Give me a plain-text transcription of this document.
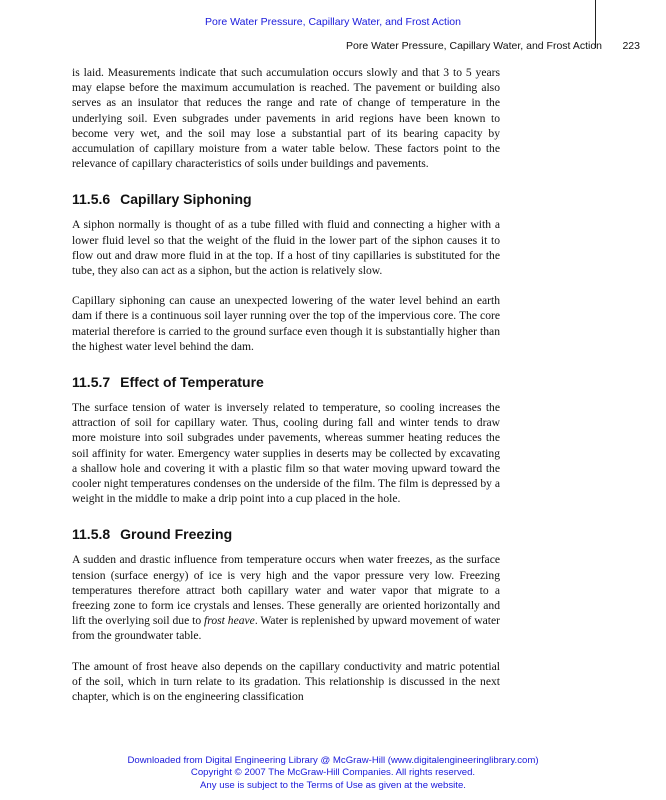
Pore Water Pressure, Capillary Water, and Frost Action
Pore Water Pressure, Capillary Water, and Frost Action 223

is laid. Measurements indicate that such accumulation occurs slowly and that 3 to 5 years may elapse before the maximum accumulation is reached. The pavement or building also serves as an insulator that reduces the range and rate of change of temperature in the underlying soil. Even subgrades under pavements in arid regions have been known to become very wet, and the soil may lose a substantial part of its bearing capacity by accumulation of capillary moisture from a water table below. These factors point to the relevance of capillary characteristics of soils under buildings and pavements.

11.5.6 Capillary Siphoning

A siphon normally is thought of as a tube filled with fluid and connecting a higher with a lower fluid level so that the weight of the fluid in the lower part of the siphon causes it to flow out and draw more fluid in at the top. If a host of tiny capillaries is substituted for the tube, they also can act as a siphon, but the action is relatively slow.

Capillary siphoning can cause an unexpected lowering of the water level behind an earth dam if there is a continuous soil layer running over the top of the impervious core. The core material therefore is carried to the ground surface even though it is substantially higher than the highest water level behind the dam.

11.5.7 Effect of Temperature

The surface tension of water is inversely related to temperature, so cooling increases the attraction of soil for capillary water. Thus, cooling during fall and winter tends to draw more moisture into soil subgrades under pavements, whereas summer heating reduces the soil affinity for water. Emergency water supplies in deserts may be collected by excavating a shallow hole and covering it with a plastic film so that water moving upward toward the cooler night temperatures condenses on the underside of the film. The film is depressed by a weight in the middle to make a drip point into a cup placed in the hole.

11.5.8 Ground Freezing

A sudden and drastic influence from temperature occurs when water freezes, as the surface tension (surface energy) of ice is very high and the vapor pressure very low. Freezing temperatures therefore attract both capillary water and water vapor that migrate to a freezing zone to form ice crystals and lenses. These generally are oriented horizontally and lift the overlying soil due to frost heave. Water is replenished by upward movement of water from the groundwater table.

The amount of frost heave also depends on the capillary conductivity and matric potential of the soil, which in turn relate to its gradation. This relationship is discussed in the next chapter, which is on the engineering classification

Downloaded from Digital Engineering Library @ McGraw-Hill (www.digitalengineeringlibrary.com)
Copyright © 2007 The McGraw-Hill Companies. All rights reserved.
Any use is subject to the Terms of Use as given at the website.
